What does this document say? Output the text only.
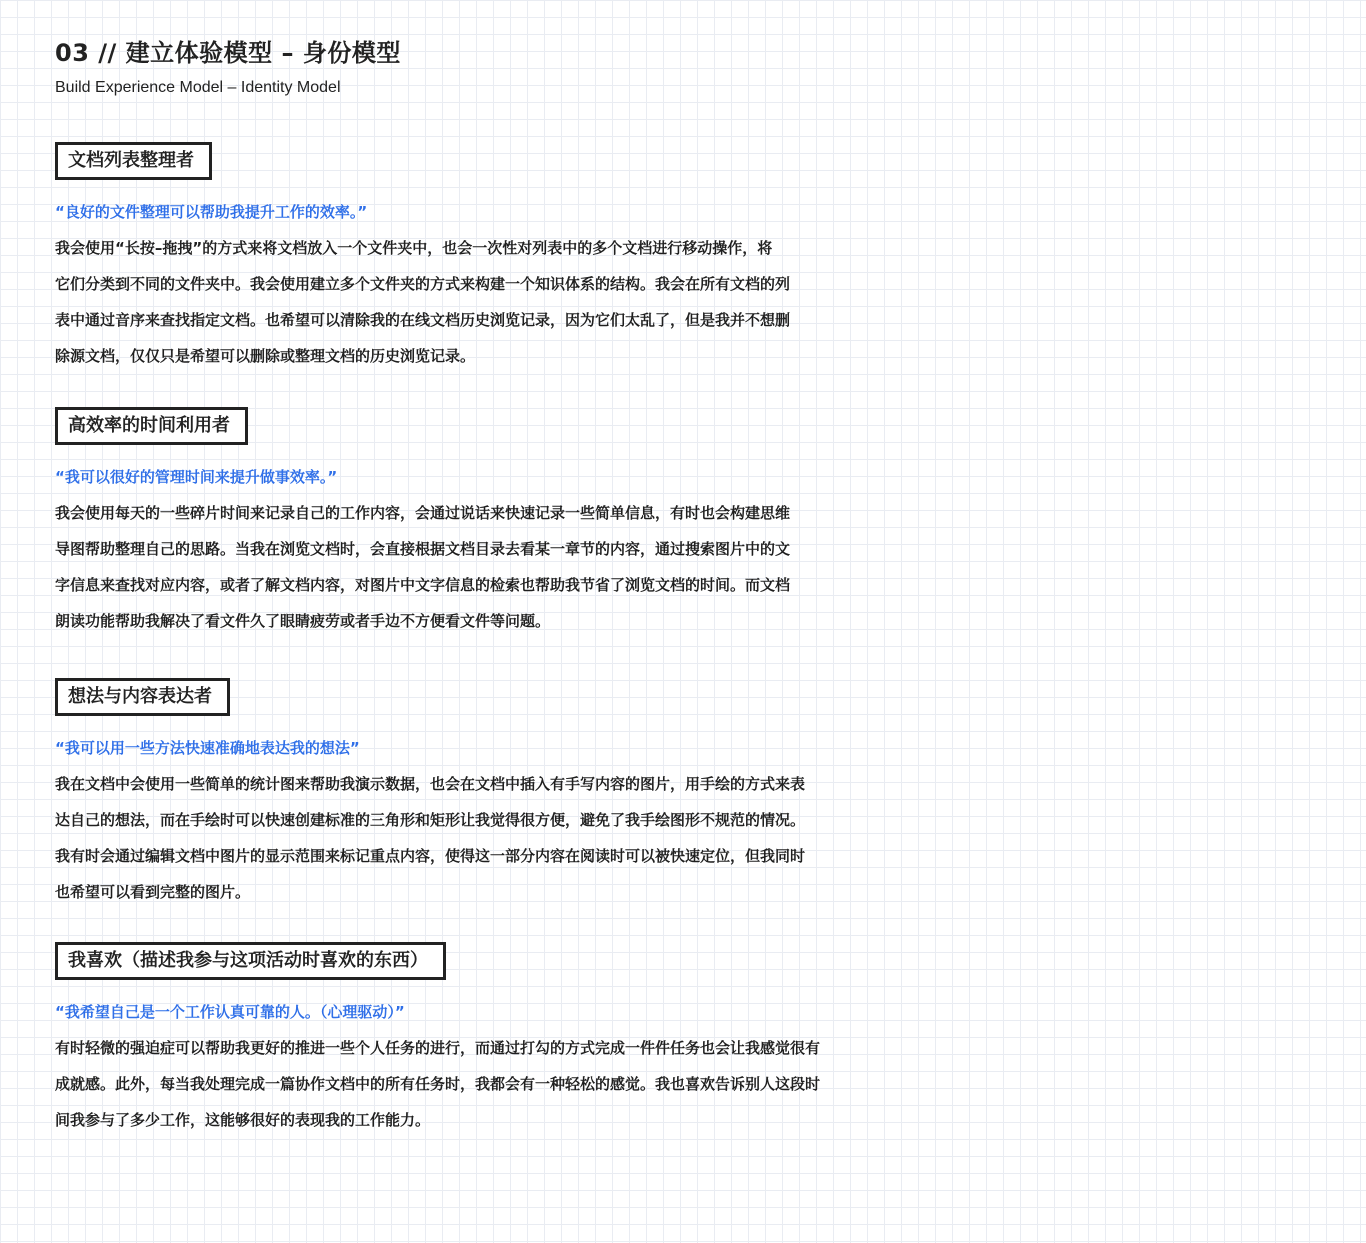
03 // 建立体验模型 – 身份模型
Build Experience Model – Identity Model
文档列表整理者
“良好的文件整理可以帮助我提升工作的效率。”
我会使用“长按–拖拽”的方式来将文档放入一个文件夹中，也会一次性对列表中的多个文档进行移动操作，将
它们分类到不同的文件夹中。我会使用建立多个文件夹的方式来构建一个知识体系的结构。我会在所有文档的列
表中通过音序来查找指定文档。也希望可以清除我的在线文档历史浏览记录，因为它们太乱了，但是我并不想删
除源文档，仅仅只是希望可以删除或整理文档的历史浏览记录。
高效率的时间利用者
“我可以很好的管理时间来提升做事效率。”
我会使用每天的一些碎片时间来记录自己的工作内容，会通过说话来快速记录一些简单信息，有时也会构建思维
导图帮助整理自己的思路。当我在浏览文档时，会直接根据文档目录去看某一章节的内容，通过搜索图片中的文
字信息来查找对应内容，或者了解文档内容，对图片中文字信息的检索也帮助我节省了浏览文档的时间。而文档
朗读功能帮助我解决了看文件久了眼睛疲劳或者手边不方便看文件等问题。
想法与内容表达者
“我可以用一些方法快速准确地表达我的想法”
我在文档中会使用一些简单的统计图来帮助我演示数据，也会在文档中插入有手写内容的图片，用手绘的方式来表
达自己的想法，而在手绘时可以快速创建标准的三角形和矩形让我觉得很方便，避免了我手绘图形不规范的情况。
我有时会通过编辑文档中图片的显示范围来标记重点内容，使得这一部分内容在阅读时可以被快速定位，但我同时
也希望可以看到完整的图片。
我喜欢（描述我参与这项活动时喜欢的东西）
“我希望自己是一个工作认真可靠的人。（心理驱动）”
有时轻微的强迫症可以帮助我更好的推进一些个人任务的进行，而通过打勾的方式完成一件件任务也会让我感觉很有
成就感。此外，每当我处理完成一篇协作文档中的所有任务时，我都会有一种轻松的感觉。我也喜欢告诉别人这段时
间我参与了多少工作，这能够很好的表现我的工作能力。
